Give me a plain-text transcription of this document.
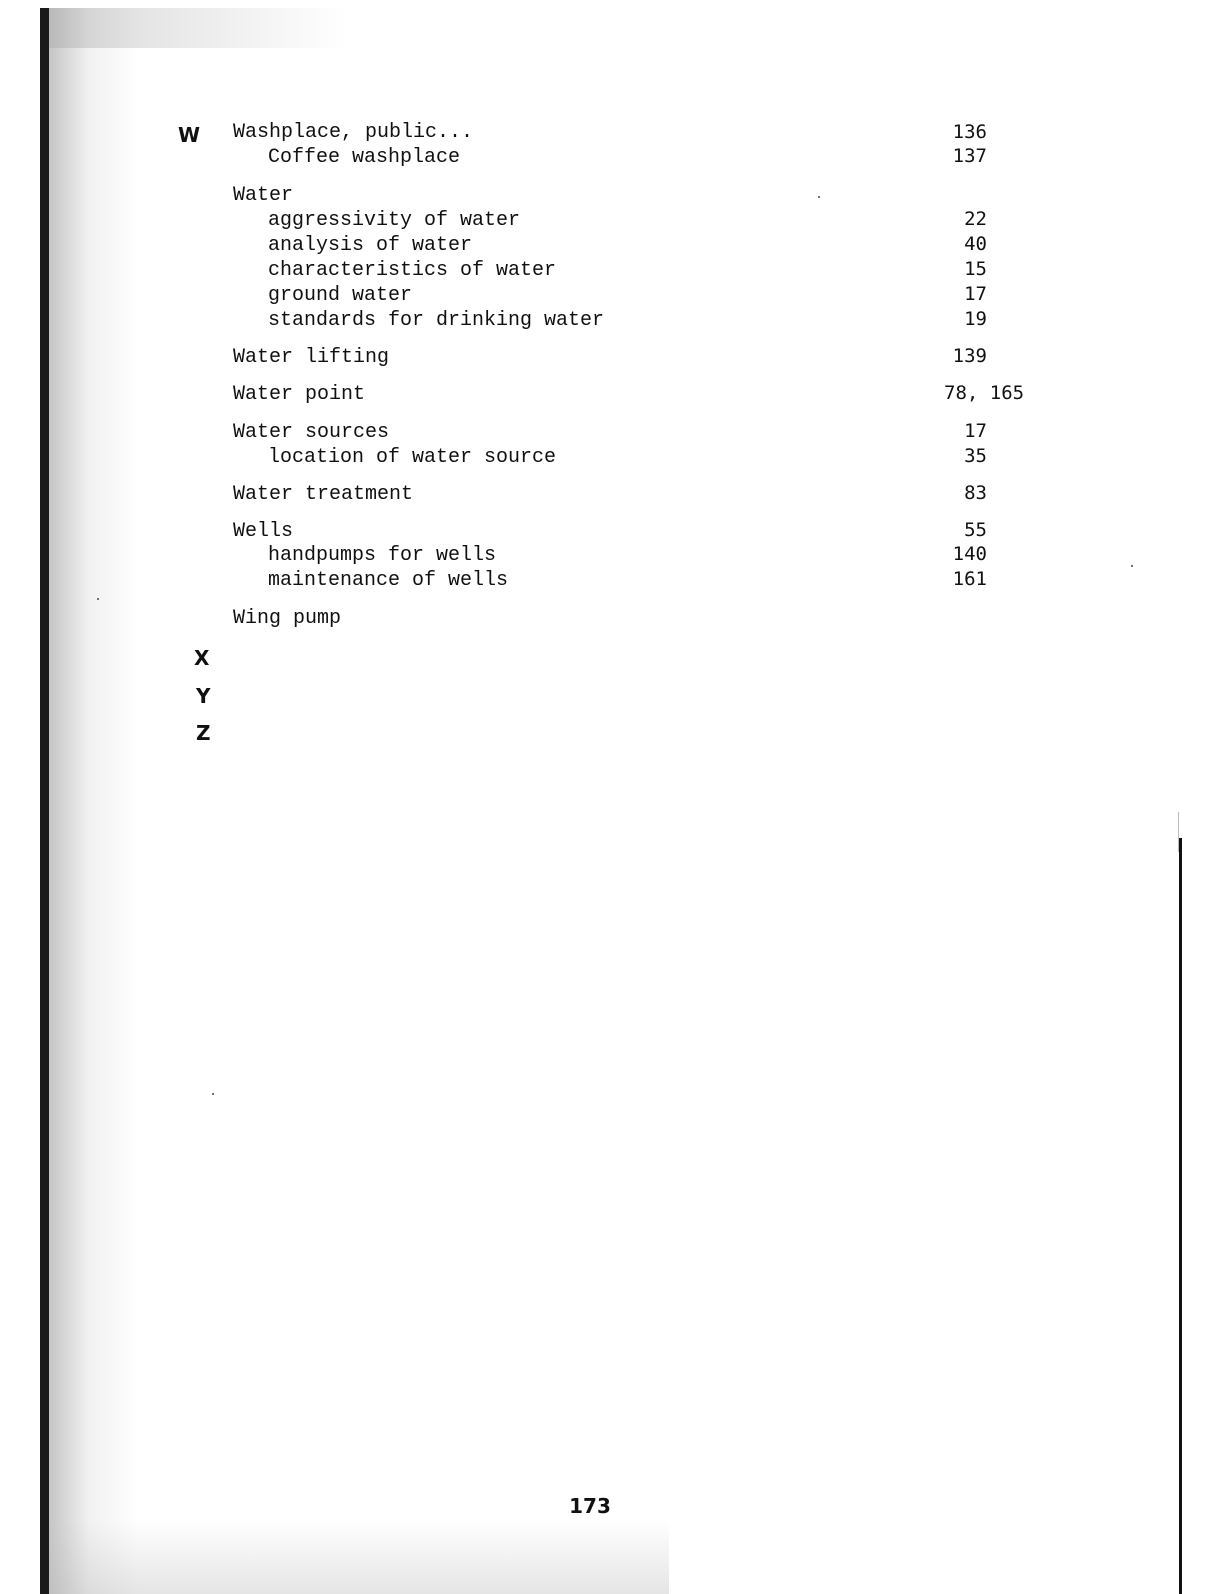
W
X
Y
Z
Washplace, public...	136
Coffee washplace	137
Water
aggressivity of water	22
analysis of water	40
characteristics of water	15
ground water	17
standards for drinking water	19
Water lifting	139
Water point	78, 165
Water sources	17
location of water source	35
Water treatment	83
Wells	55
handpumps for wells	140
maintenance of wells	161
Wing pump
173
